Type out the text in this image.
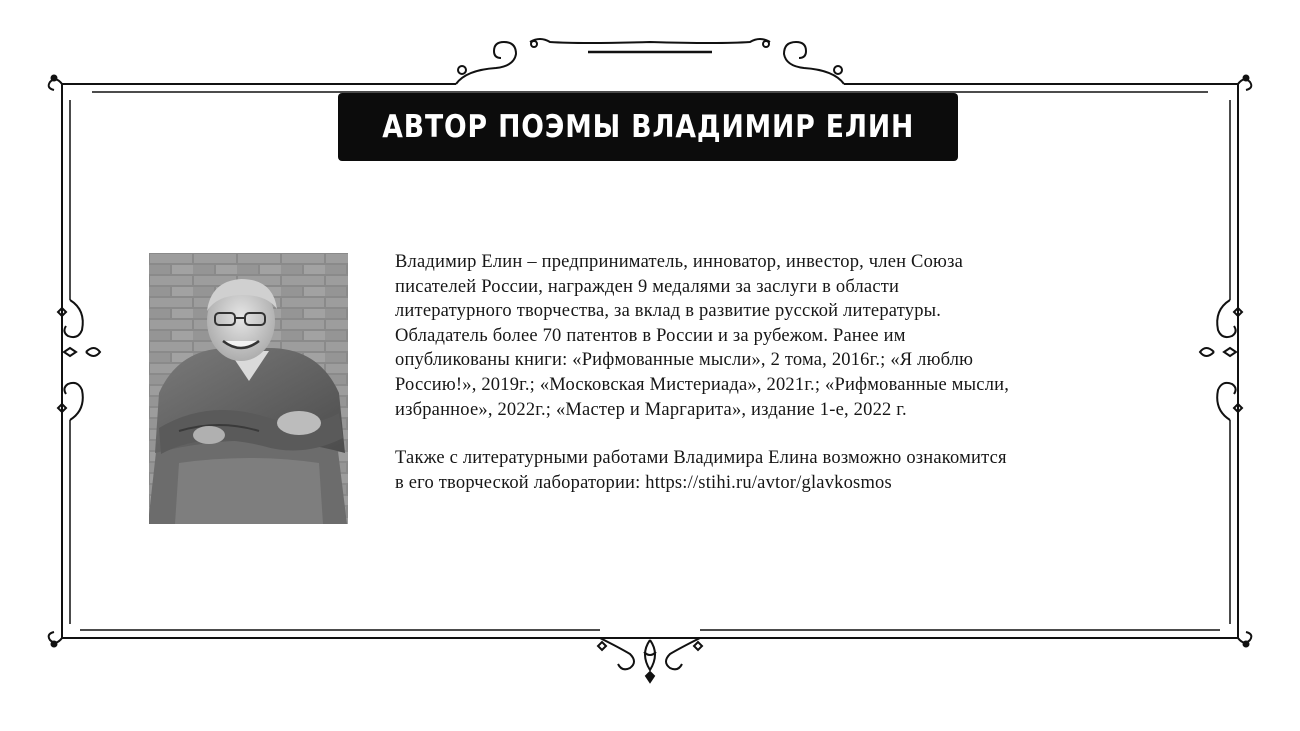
АВТОР ПОЭМЫ ВЛАДИМИР ЕЛИН

Владимир Елин – предприниматель, инноватор, инвестор, член Союза
писателей России, награжден 9 медалями за заслуги в области
литературного творчества, за вклад в развитие русской литературы.
Обладатель более 70 патентов в России и за рубежом. Ранее им
опубликованы книги: «Рифмованные мысли», 2 тома, 2016г.; «Я люблю
Россию!», 2019г.; «Московская Мистериада», 2021г.; «Рифмованные мысли,
избранное», 2022г.; «Мастер и Маргарита», издание 1-е, 2022 г.

Также с литературными работами Владимира Елина возможно ознакомится
в его творческой лаборатории: https://stihi.ru/avtor/glavkosmos
